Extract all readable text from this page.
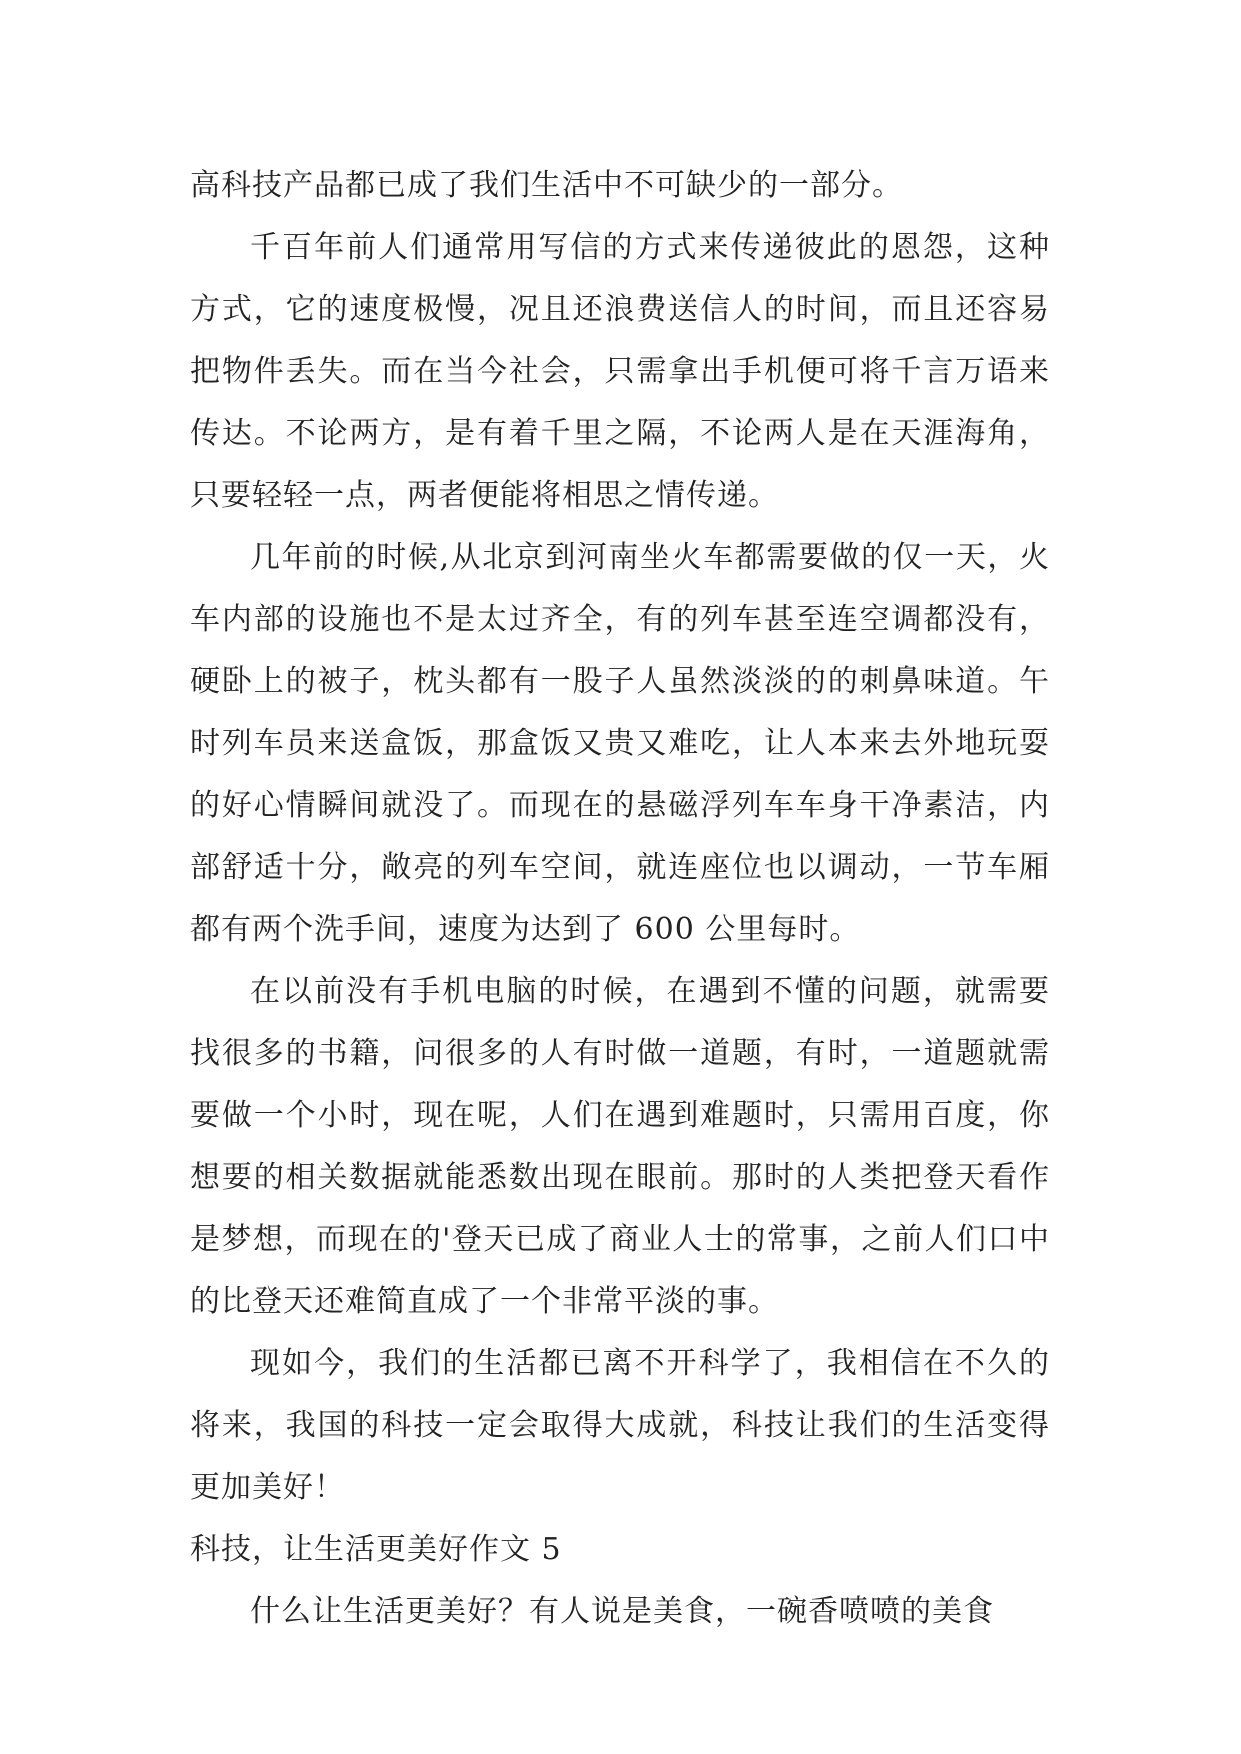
高科技产品都已成了我们生活中不可缺少的一部分。

千百年前人们通常用写信的方式来传递彼此的恩怨，这种方式，它的速度极慢，况且还浪费送信人的时间，而且还容易把物件丢失。而在当今社会，只需拿出手机便可将千言万语来传达。不论两方，是有着千里之隔，不论两人是在天涯海角，只要轻轻一点，两者便能将相思之情传递。

几年前的时候,从北京到河南坐火车都需要做的仅一天，火车内部的设施也不是太过齐全，有的列车甚至连空调都没有，硬卧上的被子，枕头都有一股子人虽然淡淡的的刺鼻味道。午时列车员来送盒饭，那盒饭又贵又难吃，让人本来去外地玩耍的好心情瞬间就没了。而现在的悬磁浮列车车身干净素洁，内部舒适十分，敞亮的列车空间，就连座位也以调动，一节车厢都有两个洗手间，速度为达到了 600 公里每时。

在以前没有手机电脑的时候，在遇到不懂的问题，就需要找很多的书籍，问很多的人有时做一道题，有时，一道题就需要做一个小时，现在呢，人们在遇到难题时，只需用百度，你想要的相关数据就能悉数出现在眼前。那时的人类把登天看作是梦想，而现在的'登天已成了商业人士的常事，之前人们口中的比登天还难简直成了一个非常平淡的事。

现如今，我们的生活都已离不开科学了，我相信在不久的将来，我国的科技一定会取得大成就，科技让我们的生活变得更加美好！

科技，让生活更美好作文 5

什么让生活更美好？有人说是美食，一碗香喷喷的美食
